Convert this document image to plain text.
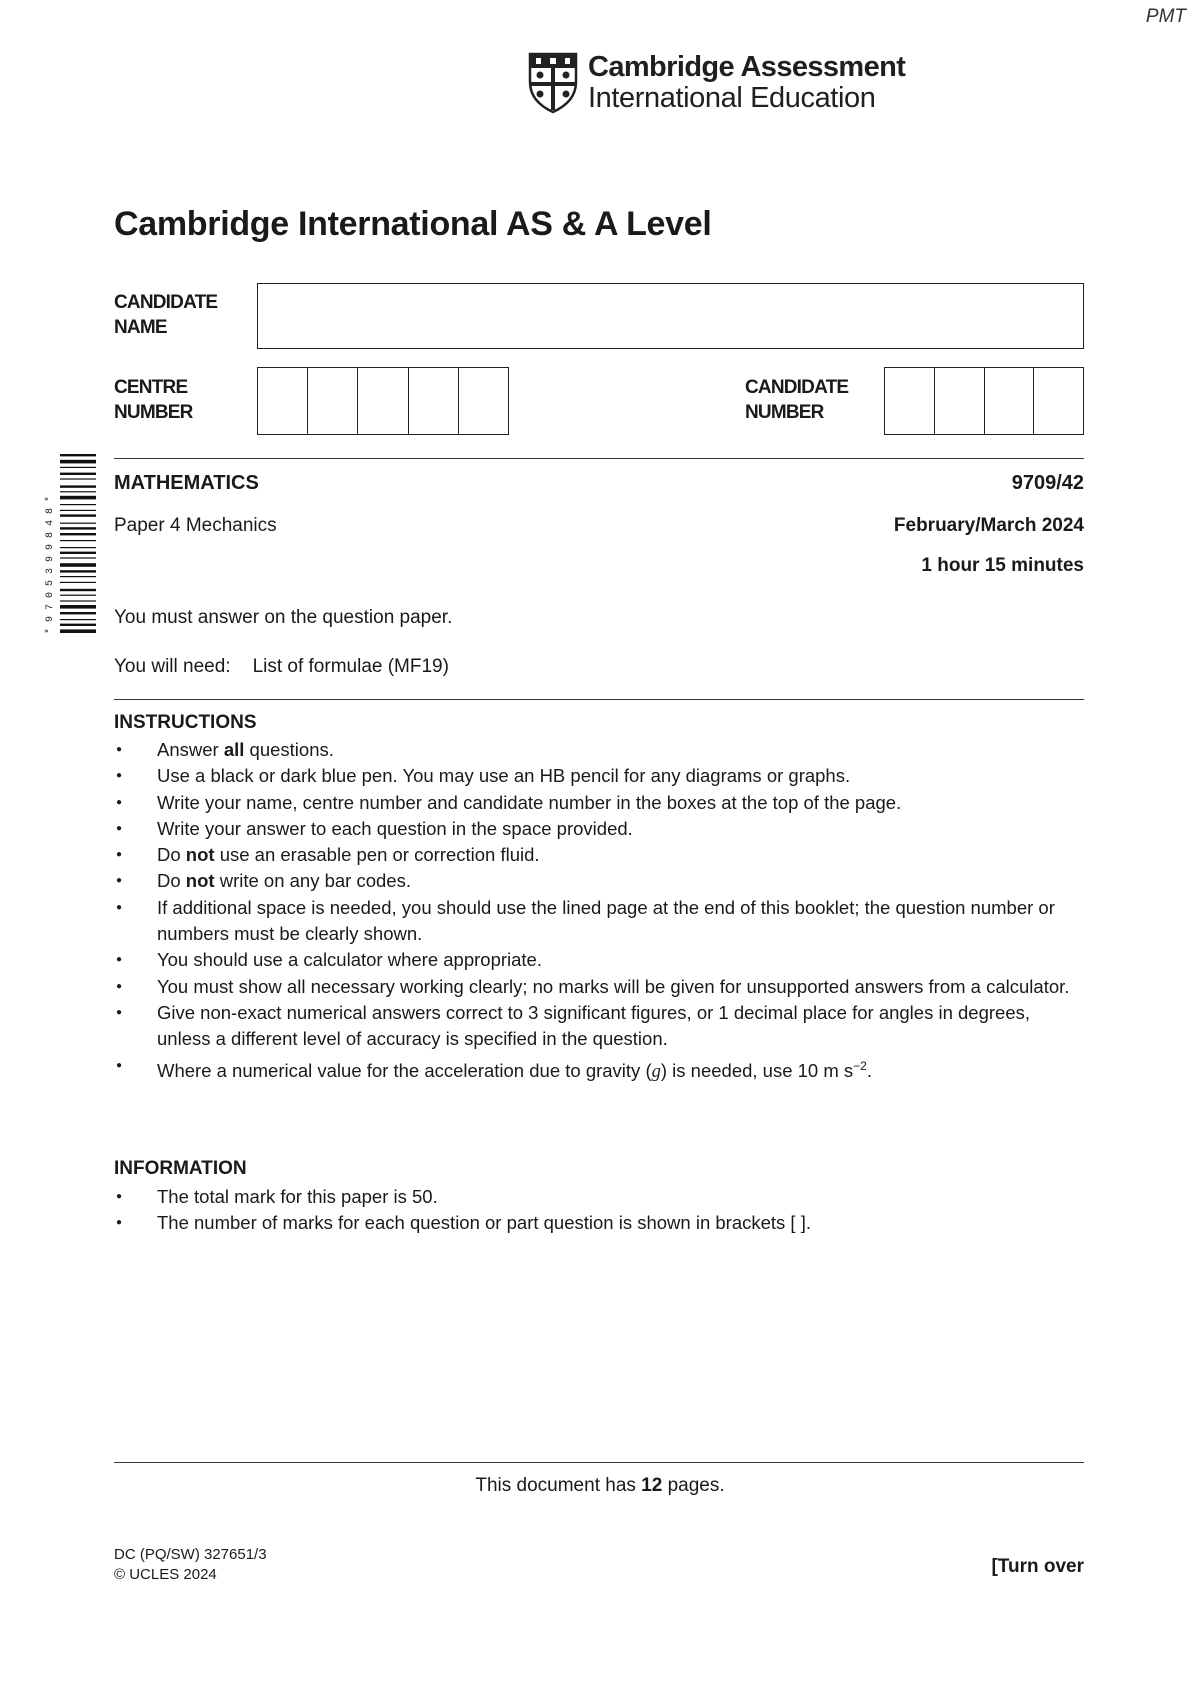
PMT
Cambridge Assessment
International Education
Cambridge International AS & A Level
CANDIDATE NAME
CENTRE NUMBER
CANDIDATE NUMBER
* 9 7 0 5 3 9 9 8 4 8 *
MATHEMATICS	9709/42
Paper 4 Mechanics	February/March 2024
1 hour 15 minutes
You must answer on the question paper.
You will need: List of formulae (MF19)
INSTRUCTIONS
● Answer all questions.
● Use a black or dark blue pen. You may use an HB pencil for any diagrams or graphs.
● Write your name, centre number and candidate number in the boxes at the top of the page.
● Write your answer to each question in the space provided.
● Do not use an erasable pen or correction fluid.
● Do not write on any bar codes.
● If additional space is needed, you should use the lined page at the end of this booklet; the question number or numbers must be clearly shown.
● You should use a calculator where appropriate.
● You must show all necessary working clearly; no marks will be given for unsupported answers from a calculator.
● Give non-exact numerical answers correct to 3 significant figures, or 1 decimal place for angles in degrees, unless a different level of accuracy is specified in the question.
● Where a numerical value for the acceleration due to gravity (g) is needed, use 10 m $s^{-2}$.
INFORMATION
● The total mark for this paper is 50.
● The number of marks for each question or part question is shown in brackets [ ].
This document has 12 pages.
DC (PQ/SW) 327651/3
© UCLES 2024	[Turn over
